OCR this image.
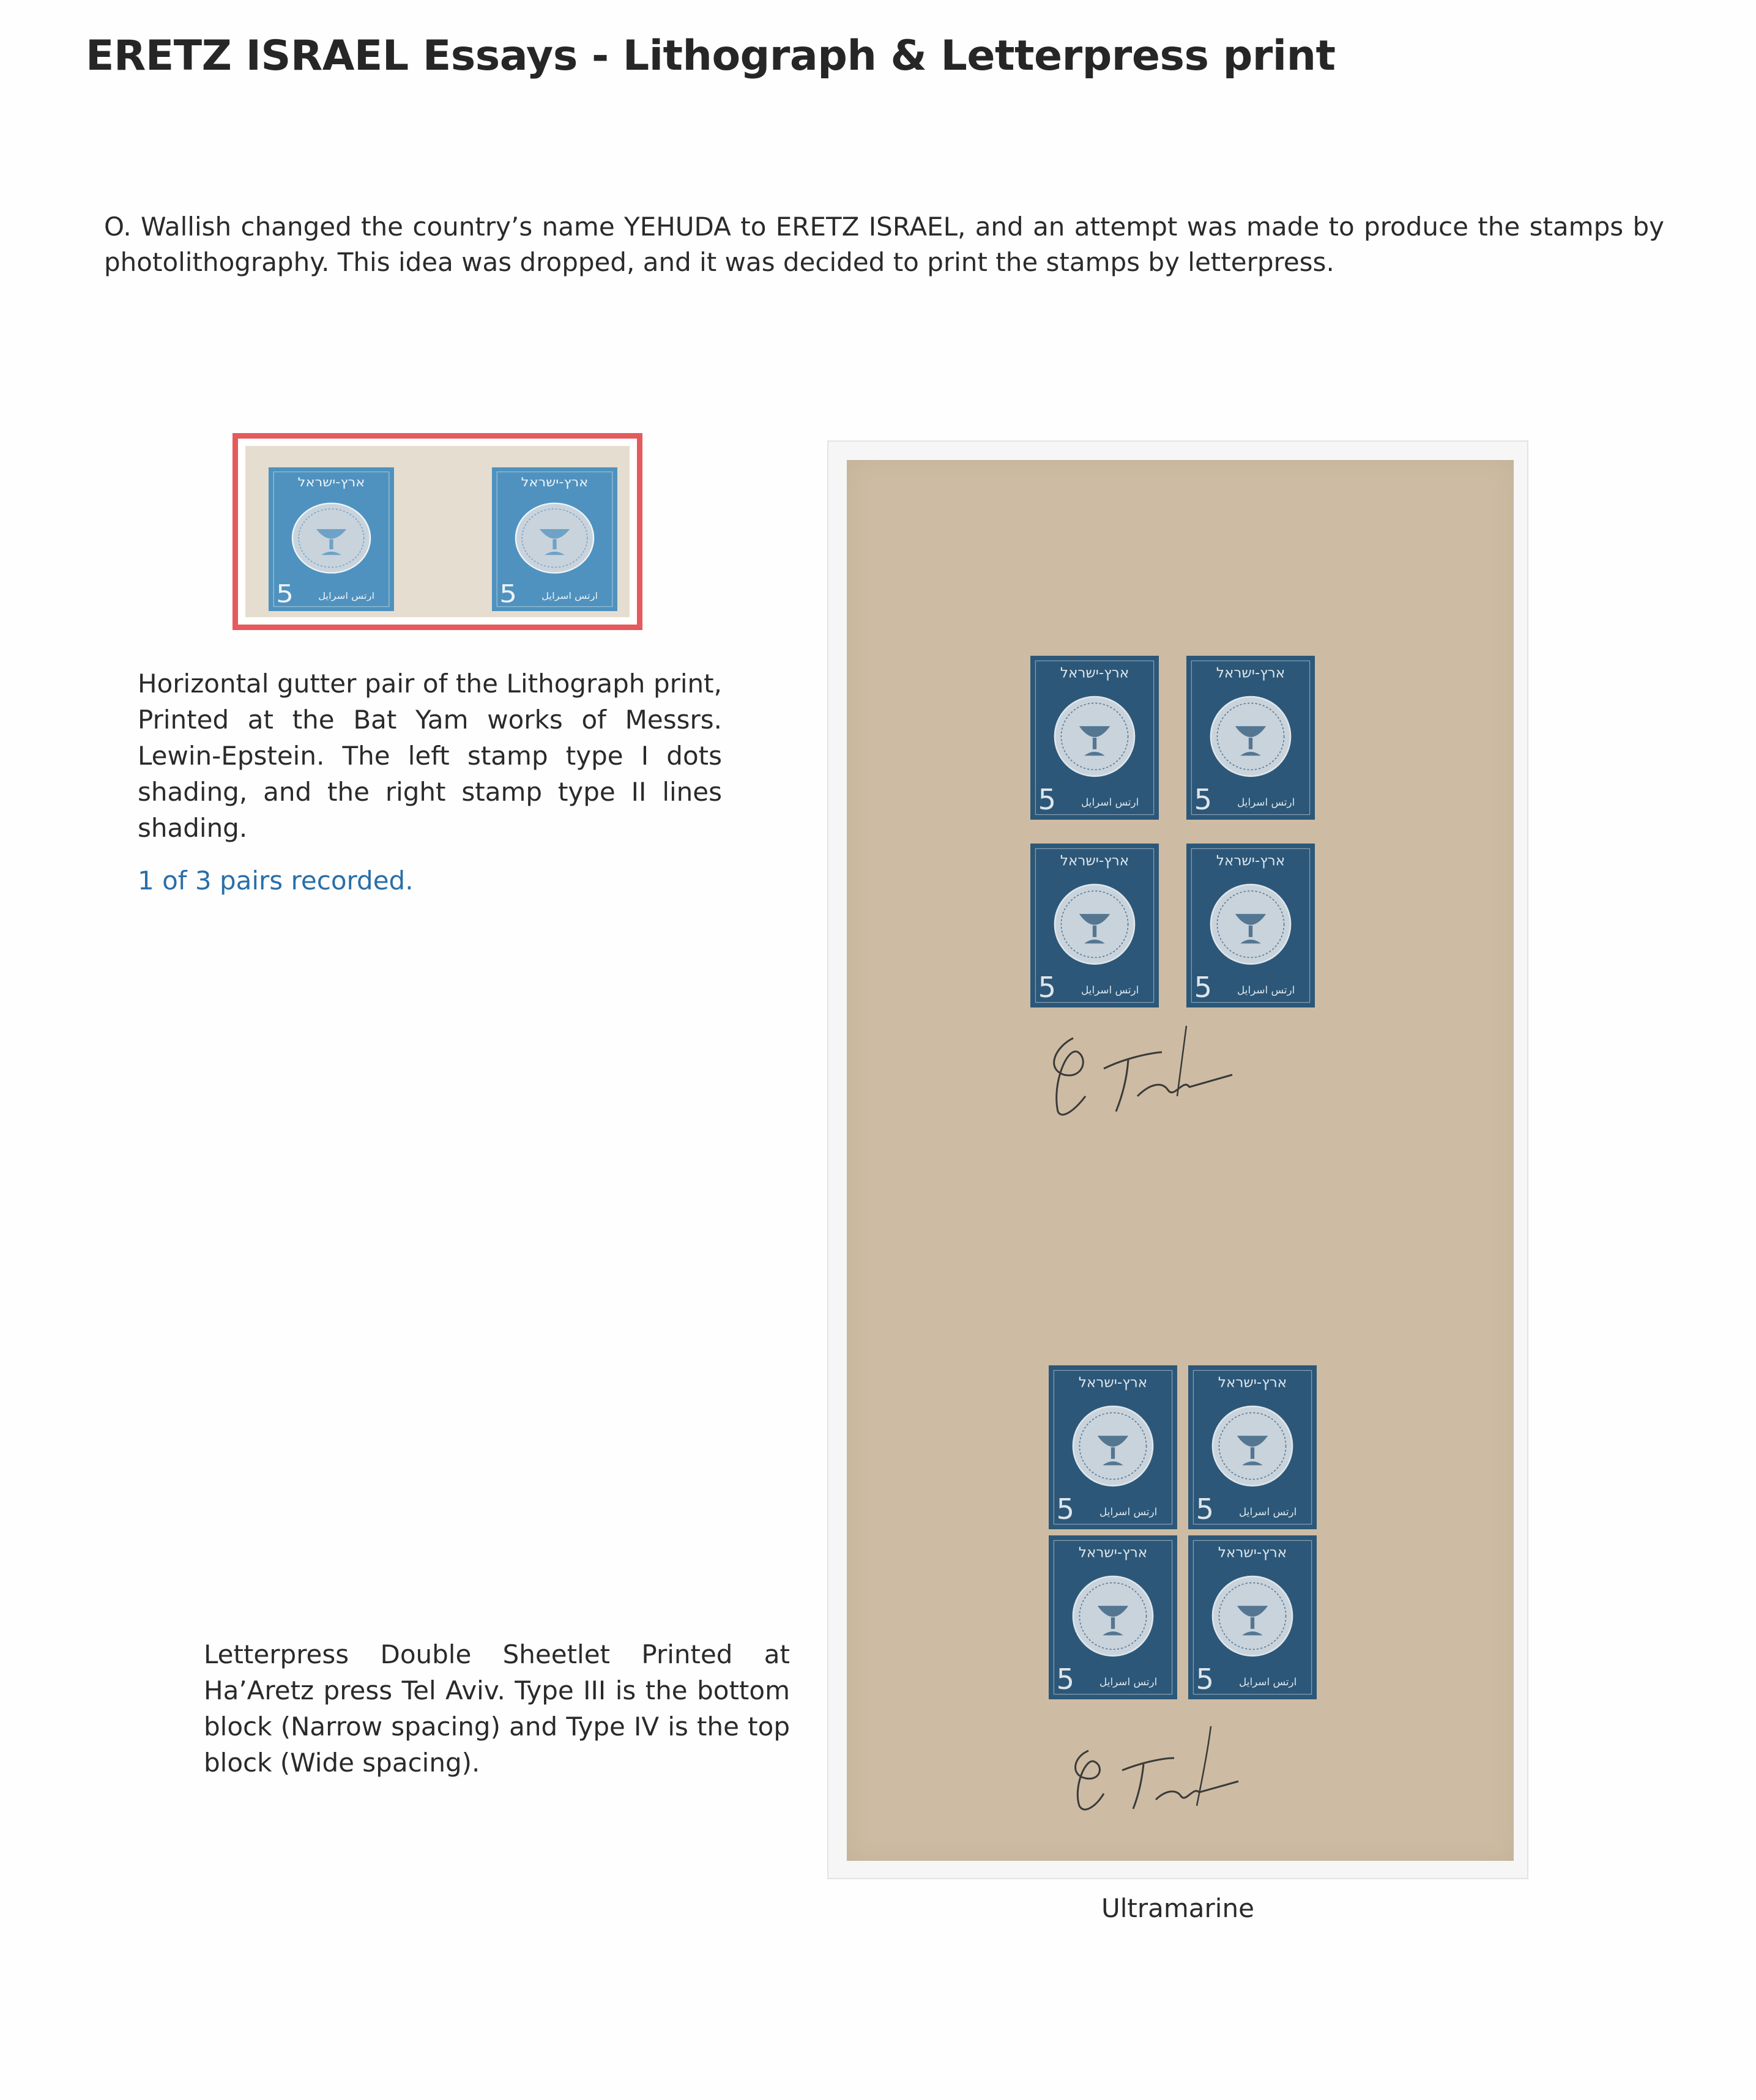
ERETZ ISRAEL Essays - Lithograph & Letterpress print
O. Wallish changed the country’s name YEHUDA to ERETZ ISRAEL, and an attempt was made to produce the stamps by photolithography. This idea was dropped, and it was decided to print the stamps by letterpress.
ארץ-ישראל
5	ارتس اسرايل
ארץ-ישראל
5	ارتس اسرايل
Horizontal gutter pair of the Lithograph print, Printed at the Bat Yam works of Messrs. Lewin-Epstein. The left stamp type I dots shading, and the right stamp type II lines shading.
1 of 3 pairs recorded.
ארץ-ישראל
5	ارتس اسرايل
ארץ-ישראל
5	ارتس اسرايل
ארץ-ישראל
5	ارتس اسرايل
ארץ-ישראל
5	ارتس اسرايل
ארץ-ישראל
5	ارتس اسرايل
ארץ-ישראל
5	ارتس اسرايل
ארץ-ישראל
5	ارتس اسرايل
ארץ-ישראל
5	ارتس اسرايل
Letterpress Double Sheetlet Printed at Ha’Aretz press Tel Aviv. Type III is the bottom block (Narrow spacing) and Type IV is the top block (Wide spacing).
Ultramarine
